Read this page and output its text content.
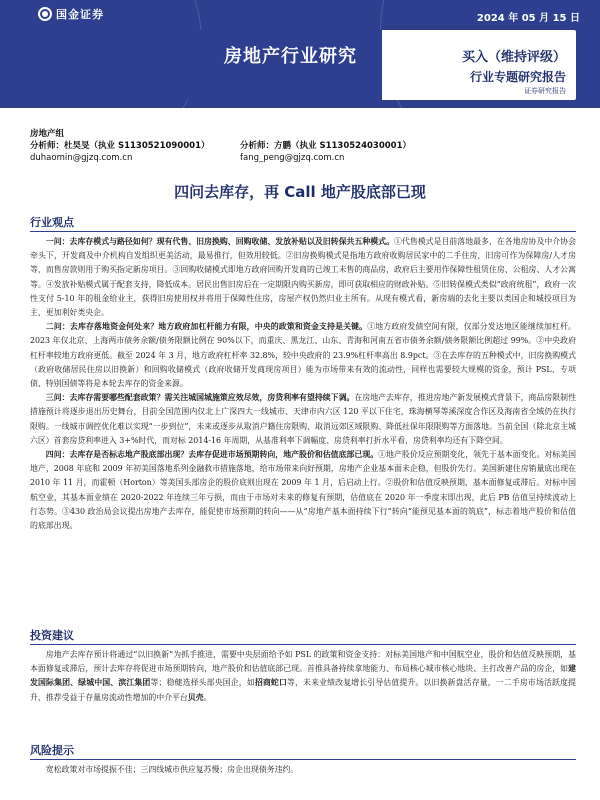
国金证券	2024 年 05 月 15 日
房地产行业研究	买入（维持评级）
行业专题研究报告
证券研究报告
房地产组
分析师：杜昊旻（执业 S1130521090001）	分析师：方鹏（执业 S1130524030001）
duhaomin@gjzq.com.cn	fang_peng@gjzq.com.cn
四问去库存，再 Call 地产股底部已现
行业观点
一问：去库存模式与路径如何？现有代售、旧房换购、回购收储、发放补贴以及旧转保共五种模式。①代售模式是目前落地最多，在各地房协及中介协会牵头下，开发商及中介机构自发组织更美活动，最易推行，但效用较低。②旧房换购模式是指地方政府收购居民家中的二手住房，旧房可作为保障房/人才房等，而售房款则用于购买指定新房项目。③回购收储模式即地方政府回购开发商的已竣工未售的商品房，政府后主要用作保障性租赁住房、公租房、人才公寓等。④发放补贴模式属于配套支持，降低成本。居民出售旧房后在一定期限内购买新房，即可获取相应的财政补贴。⑤旧转保模式类似“政府统租”，政府一次性支付 5-10 年的租金给业主，获得旧房使用权并将用于保障性住房，房屋产权仍然归业主所有。从现有模式看，新房端的去化主要以类国企和城投项目为主，更加利好类央企。
二问：去库存落地资金何处来？地方政府加杠杆能力有限，中央的政策和资金支持是关键。①地方政府发债空间有限，仅部分发达地区能继续加杠杆。2023 年仅北京、上海两市债务余额/债务限额比例在 90%以下，而重庆、黑龙江、山东、青海和河南五省市债务余额/债务限额比例超过 99%。②中央政府杠杆率较地方政府更低。截至 2024 年 3 月，地方政府杠杆率 32.8%，较中央政府的 23.9%杠杆率高出 8.9pct。③在去库存的五种模式中，旧房换购模式（政府收储居民住房以旧换新）和回购收储模式（政府收储开发商现房项目）能为市场带来有效的流动性，同样也需要较大规模的资金，预计 PSL、专项债、特别国债等将是本轮去库存的资金来源。
三问：去库存需要哪些配套政策？需关注城国城施策应效尽效，房贷利率有望持续下调。在房地产去库存，推进房地产新发展模式背景下，商品房限制性措施预计将逐步退出历史舞台，目前全国范围内仅北上广深四大一线城市、天津市内六区 120 平以下住宅，珠海横琴等溪深度合作区及海南省全域仍在执行限购。一线城市调控优化难以实现“一步到位”，未来或逐步从取消户籍住房限购、取消远郊区域限购、降低社保年限限购等方面落地。当前全国（除北京主城六区）首套房贷利率进入 3+%时代，而对标 2014-16 年周期，从基准利率下调幅度、房贷利率打折水平看，房贷利率均还有下降空间。
四问：去库存是否标志地产股底部出现？去库存促进市场预期转向，地产股价和估值底部已现。①地产股价反应预期变化，领先于基本面变化。对标美国地产，2008 年底和 2009 年初美国落地系列金融救市措施落地，给市场带来向好预期，房地产企业基本面未企稳，但股价先行。美国新建住房销量底出现在 2010 年 11 月，而霍顿（Horton）等美国头部房企的股价底则出现在 2009 年 1 月，后启动上行。②股价和估值反映预期，基本面修复或滞后。对标中国航空业，其基本面业绩在 2020-2022 年连续三年亏损，而由于市场对未来的修复有预期，估值底在 2020 年一季度末即出现，此后 PB 估值呈持续波动上行态势。③430 政治局会议提出房地产去库存，能促使市场预期的转向——从“房地产基本面持续下行”转向“能预见基本面的筑底”，标志着地产股价和估值的底部出现。
投资建议
房地产去库存预计将通过“以旧换新”为抓手推进，需要中央层面给予如 PSL 的政策和资金支持：对标美国地产和中国航空业，股价和估值反映预期，基本面修复或滞后，预计去库存将促进市场预期转向，地产股价和估值底部已现。首推具备持续拿地能力、布局核心城市核心地块、主打改善产品的房企，如建发国际集团、绿城中国、滨江集团等；稳健选择头部央国企，如招商蛇口等，未来业绩改复增长引导估值提升。以旧换新盘活存量，一二手房市场活跃度提升，推荐受益于存量房流动性增加的中介平台贝壳。
风险提示
宽松政策对市场提振不佳；三四线城市供应复苏慢；房企出现债务违约。
